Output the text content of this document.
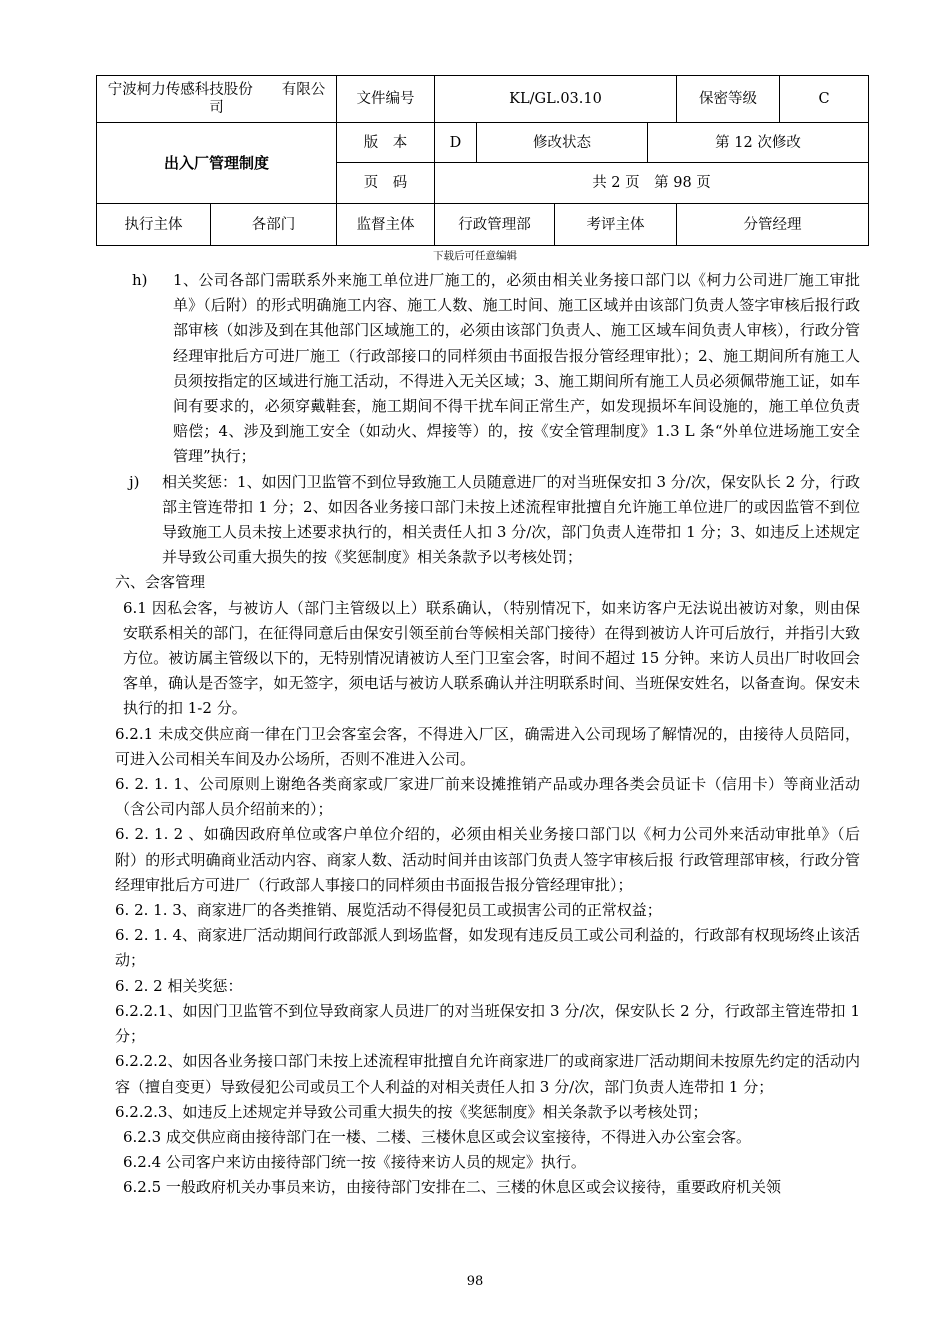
宁波柯力传感科技股份　　有限公司		文件编号	KL/GL.03.10				保密等级	C
出入厂管理制度		版　本	D	修改状态		第 12 次修改		
		页　码	共 2 页　第 98 页					
执行主体	各部门	监督主体	行政管理部		考评主体		分管经理	
下载后可任意编辑
h)	1、公司各部门需联系外来施工单位进厂施工的，必须由相关业务接口部门以《柯力公司进厂施工审批单》（后附）的形式明确施工内容、施工人数、施工时间、施工区域并由该部门负责人签字审核后报行政部审核（如涉及到在其他部门区域施工的，必须由该部门负责人、施工区域车间负责人审核），行政分管经理审批后方可进厂施工（行政部接口的同样须由书面报告报分管经理审批）；2、施工期间所有施工人员须按指定的区域进行施工活动，不得进入无关区域；3、施工期间所有施工人员必须佩带施工证，如车间有要求的，必须穿戴鞋套，施工期间不得干扰车间正常生产，如发现损坏车间设施的，施工单位负责赔偿；4、涉及到施工安全（如动火、焊接等）的，按《安全管理制度》1.3 L 条“外单位进场施工安全管理”执行；
j)	相关奖惩：1、如因门卫监管不到位导致施工人员随意进厂的对当班保安扣 3 分/次，保安队长 2 分，行政部主管连带扣 1 分；2、如因各业务接口部门未按上述流程审批擅自允许施工单位进厂的或因监管不到位导致施工人员未按上述要求执行的，相关责任人扣 3 分/次，部门负责人连带扣 1 分；3、如违反上述规定并导致公司重大损失的按《奖惩制度》相关条款予以考核处罚；

六、会客管理

6.1 因私会客，与被访人（部门主管级以上）联系确认，（特别情况下，如来访客户无法说出被访对象，则由保安联系相关的部门，在征得同意后由保安引领至前台等候相关部门接待）在得到被访人许可后放行，并指引大致方位。被访属主管级以下的，无特别情况请被访人至门卫室会客，时间不超过 15 分钟。来访人员出厂时收回会客单，确认是否签字，如无签字，须电话与被访人联系确认并注明联系时间、当班保安姓名，以备查询。保安未执行的扣 1-2 分。

6.2.1 未成交供应商一律在门卫会客室会客，不得进入厂区，确需进入公司现场了解情况的，由接待人员陪同，可进入公司相关车间及办公场所，否则不准进入公司。

6. 2. 1. 1、公司原则上谢绝各类商家或厂家进厂前来设摊推销产品或办理各类会员证卡（信用卡）等商业活动（含公司内部人员介绍前来的）；

6. 2. 1. 2 、如确因政府单位或客户单位介绍的，必须由相关业务接口部门以《柯力公司外来活动审批单》（后附）的形式明确商业活动内容、商家人数、活动时间并由该部门负责人签字审核后报 行政管理部审核，行政分管经理审批后方可进厂（行政部人事接口的同样须由书面报告报分管经理审批）；

6. 2. 1. 3、商家进厂的各类推销、展览活动不得侵犯员工或损害公司的正常权益；

6. 2. 1. 4、商家进厂活动期间行政部派人到场监督，如发现有违反员工或公司利益的，行政部有权现场终止该活动；

6. 2. 2 相关奖惩：

6.2.2.1、如因门卫监管不到位导致商家人员进厂的对当班保安扣 3 分/次，保安队长 2 分，行政部主管连带扣 1 分；

6.2.2.2、如因各业务接口部门未按上述流程审批擅自允许商家进厂的或商家进厂活动期间未按原先约定的活动内容（擅自变更）导致侵犯公司或员工个人利益的对相关责任人扣 3 分/次，部门负责人连带扣 1 分；

6.2.2.3、如违反上述规定并导致公司重大损失的按《奖惩制度》相关条款予以考核处罚；

6.2.3 成交供应商由接待部门在一楼、二楼、三楼休息区或会议室接待，不得进入办公室会客。

6.2.4 公司客户来访由接待部门统一按《接待来访人员的规定》执行。

6.2.5 一般政府机关办事员来访，由接待部门安排在二、三楼的休息区或会议接待，重要政府机关领

98
